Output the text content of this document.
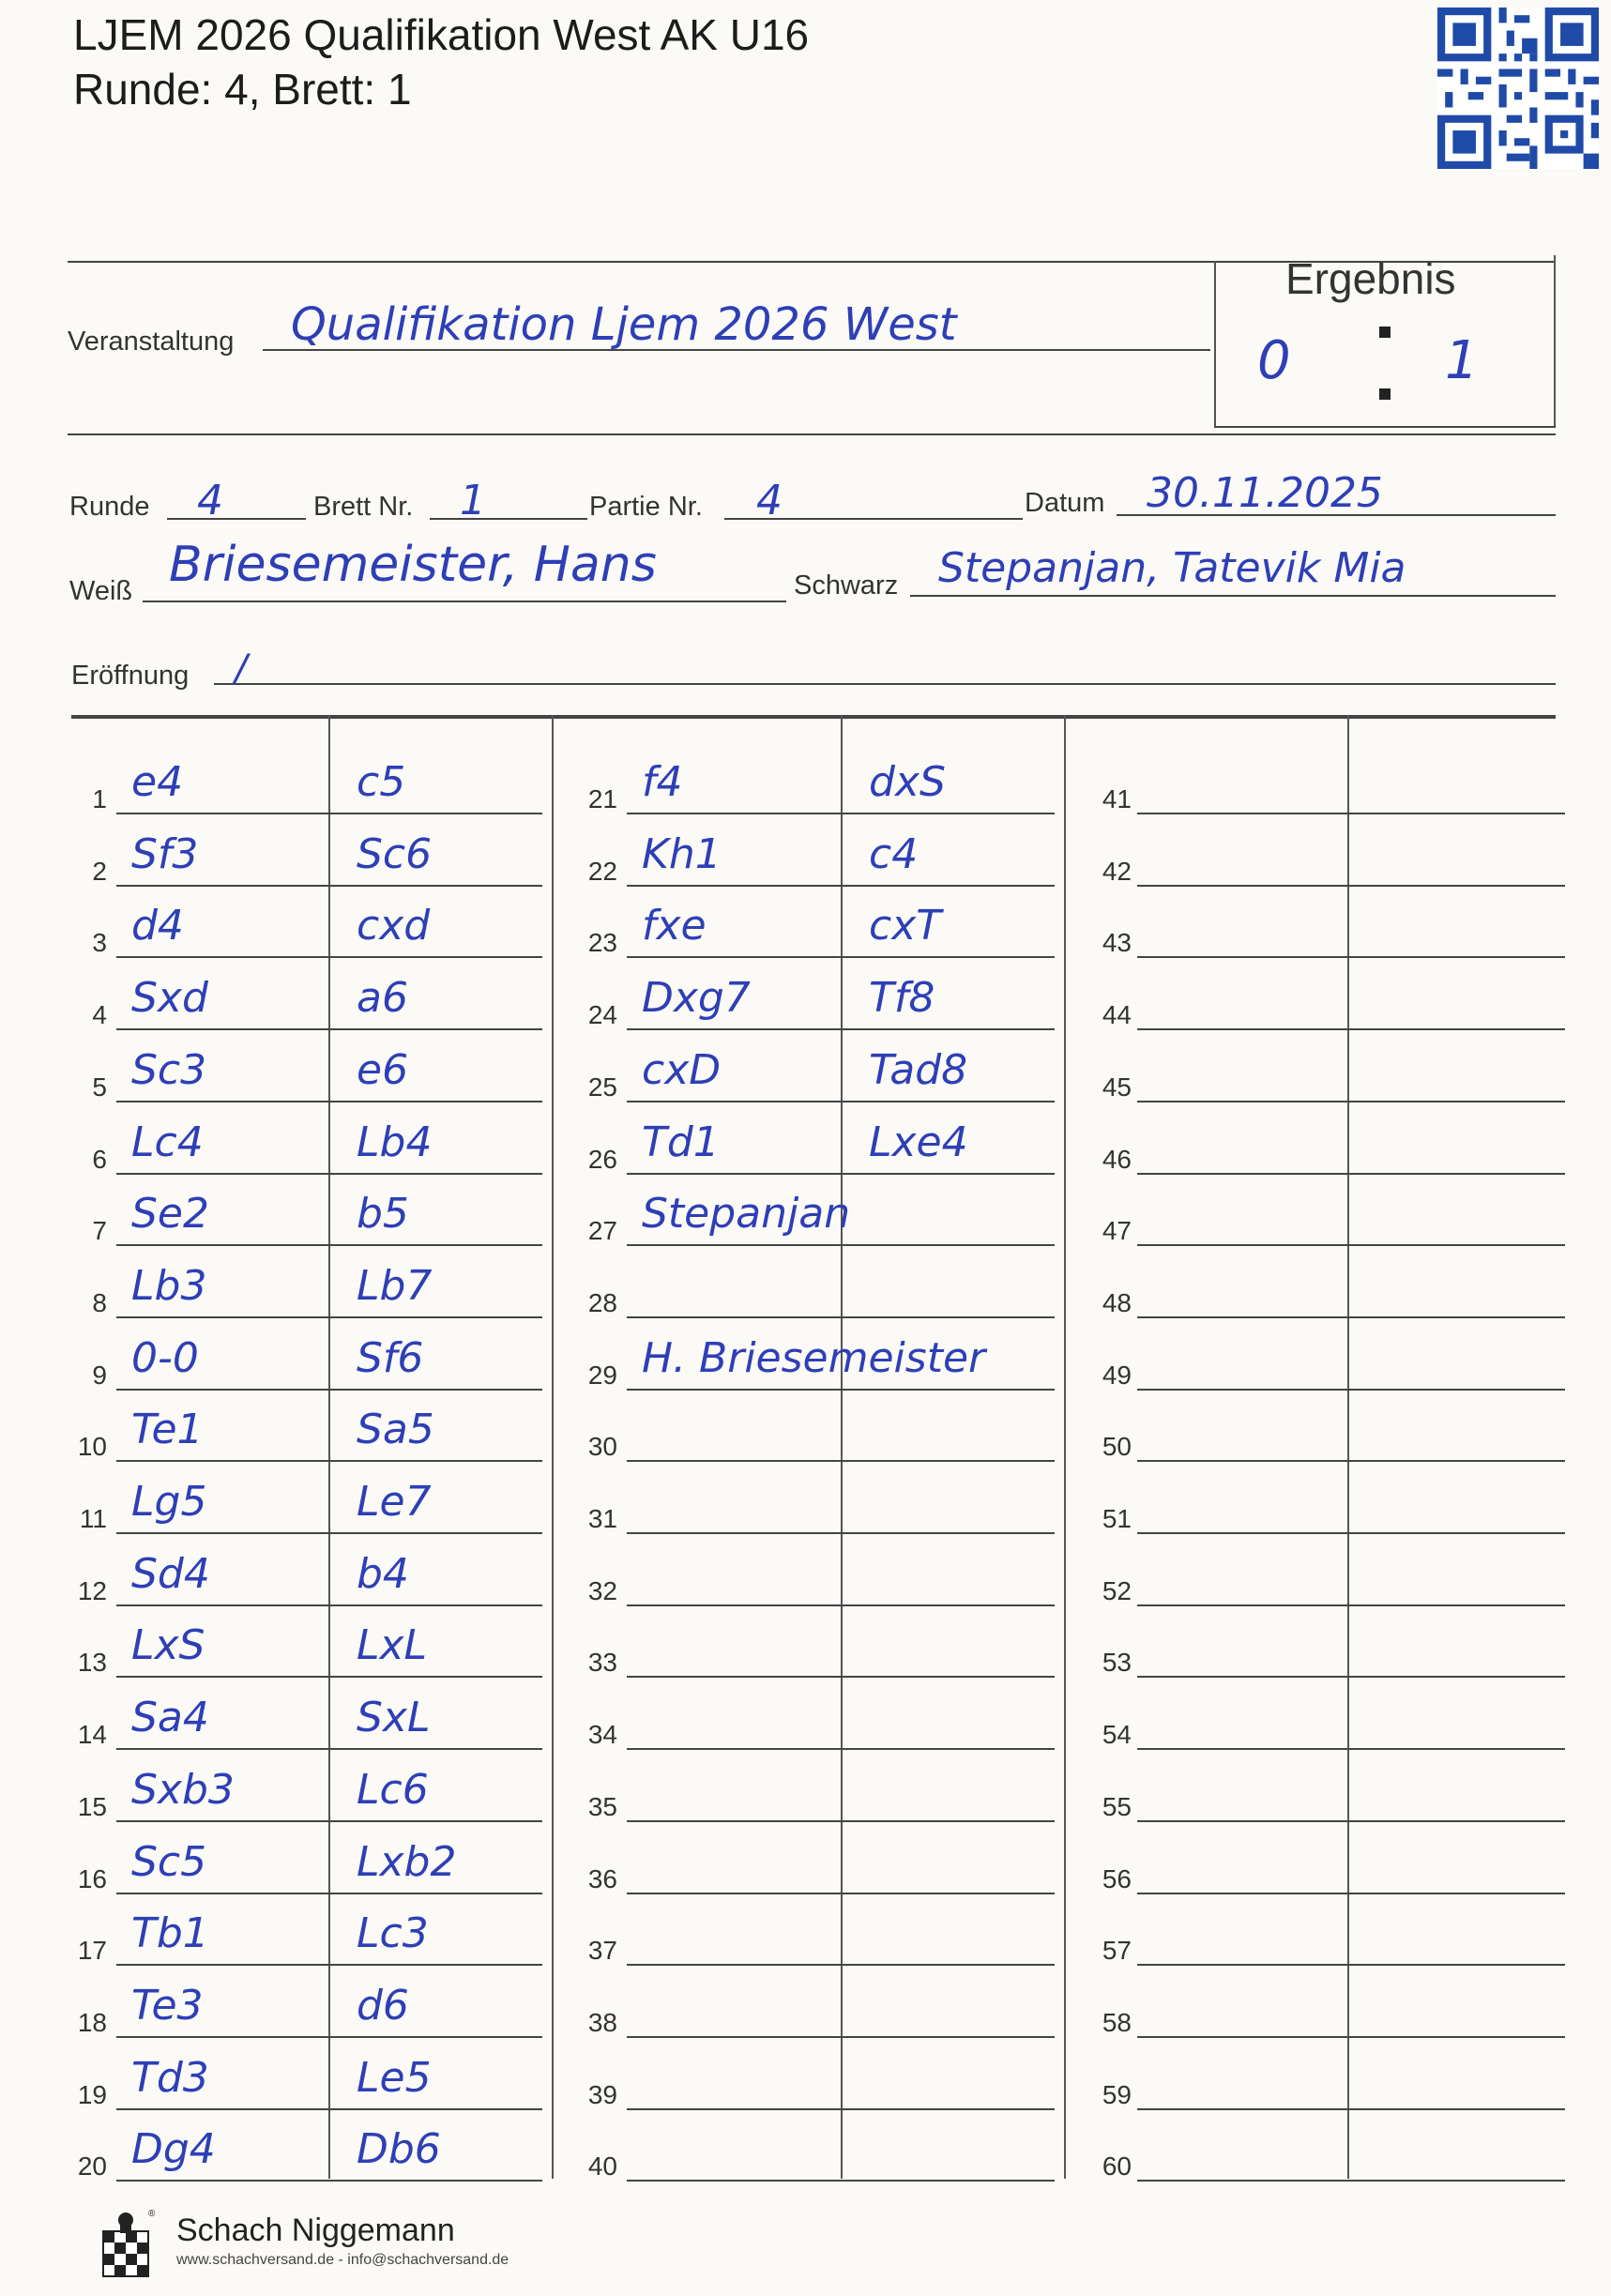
LJEM 2026 Qualifikation West AK U16
Runde: 4, Brett: 1
Ergebnis
0	1
Veranstaltung Qualifikation Ljem 2026 West
Runde 4	Brett Nr. 1	Partie Nr. 4	Datum 30.11.2025
Weiß Briesemeister, Hans	Schwarz Stepanjan, Tatevik Mia
Eröffnung /
1 e4	c5
2 Sf3	Sc6
3 d4	cxd
4 Sxd	a6
5 Sc3	e6
6 Lc4	Lb4
7 Se2	b5
8 Lb3	Lb7
9 0-0	Sf6
10 Te1	Sa5
11 Lg5	Le7
12 Sd4	b4
13 LxS	LxL
14 Sa4	SxL
15 Sxb3	Lc6
16 Sc5	Lxb2
17 Tb1	Lc3
18 Te3	d6
19 Td3	Le5
20 Dg4	Db6
21 f4	dxS
22 Kh1	c4
23 fxe	cxT
24 Dxg7	Tf8
25 cxD	Tad8
26 Td1	Lxe4
27 Stepanjan
28
29 H. Briesemeister
30
31
32
33
34
35
36
37
38
39
40
41
42
43
44
45
46
47
48
49
50
51
52
53
54
55
56
57
58
59
60
® Schach Niggemann
www.schachversand.de - info@schachversand.de
